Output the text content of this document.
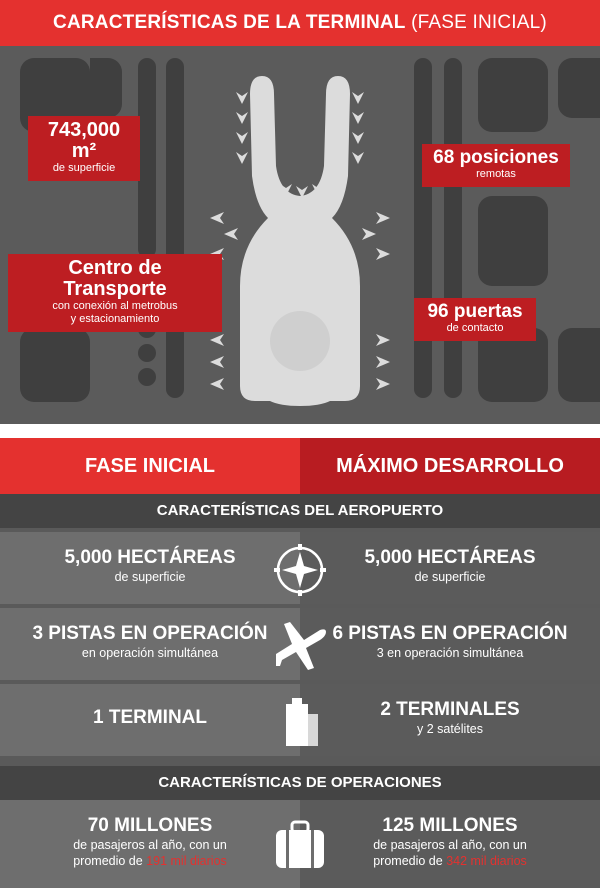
CARACTERÍSTICAS DE LA TERMINAL (FASE INICIAL)
743,000 m²
de superficie
Centro de Transporte
con conexión al metrobus
y estacionamiento
68 posiciones
remotas
96 puertas
de contacto
FASE INICIAL	MÁXIMO DESARROLLO
CARACTERÍSTICAS DEL AEROPUERTO
5,000 HECTÁREAS
de superficie
5,000 HECTÁREAS
de superficie
3 PISTAS EN OPERACIÓN
en operación simultánea
6 PISTAS EN OPERACIÓN
3 en operación simultánea
1 TERMINAL	2 TERMINALES
y 2 satélites
CARACTERÍSTICAS DE OPERACIONES
70 MILLONES
de pasajeros al año, con un
promedio de 191 mil diarios
125 MILLONES
de pasajeros al año, con un
promedio de 342 mil diarios
